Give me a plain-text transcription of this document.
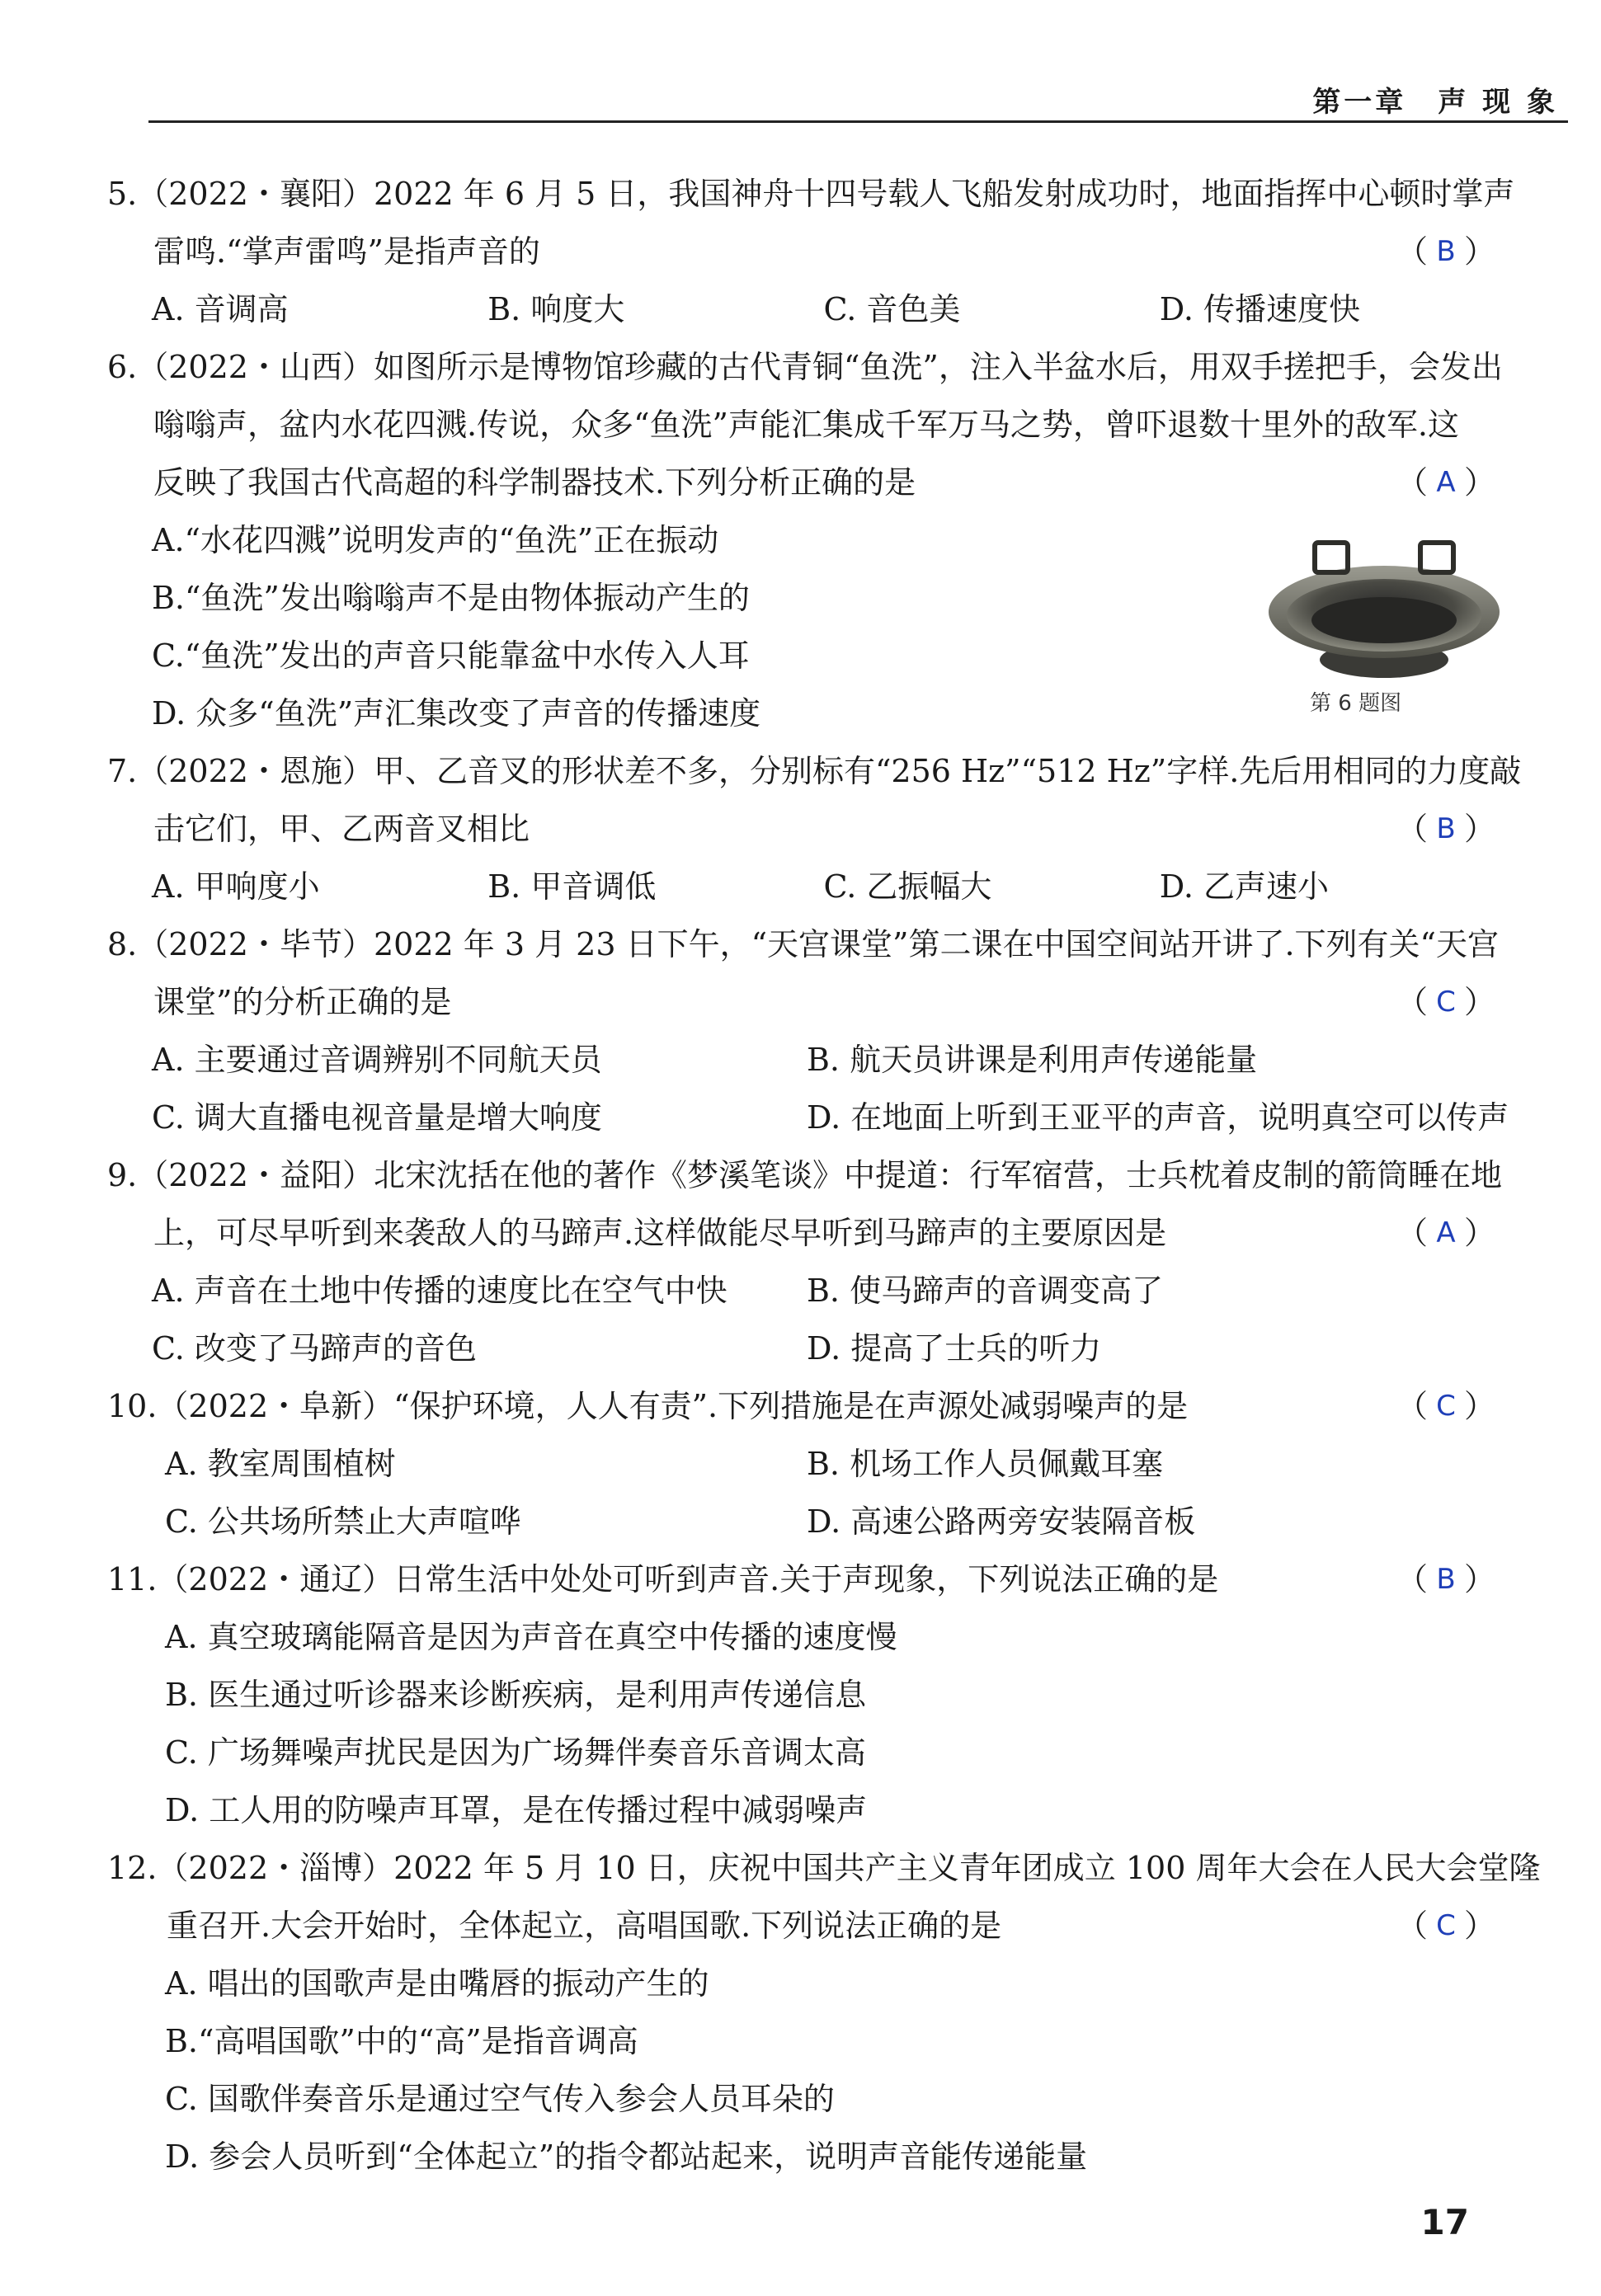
第一章　声 现 象
5.（2022・襄阳）2022 年 6 月 5 日，我国神舟十四号载人飞船发射成功时，地面指挥中心顿时掌声
雷鸣.“掌声雷鸣”是指声音的	（ B ）
A. 音调高	B. 响度大	C. 音色美	D. 传播速度快
6.（2022・山西）如图所示是博物馆珍藏的古代青铜“鱼洗”，注入半盆水后，用双手搓把手，会发出
嗡嗡声，盆内水花四溅.传说，众多“鱼洗”声能汇集成千军万马之势，曾吓退数十里外的敌军.这
反映了我国古代高超的科学制器技术.下列分析正确的是	（ A ）
A.“水花四溅”说明发声的“鱼洗”正在振动
B.“鱼洗”发出嗡嗡声不是由物体振动产生的
C.“鱼洗”发出的声音只能靠盆中水传入人耳
D. 众多“鱼洗”声汇集改变了声音的传播速度
7.（2022・恩施）甲、乙音叉的形状差不多，分别标有“256 Hz”“512 Hz”字样.先后用相同的力度敲
击它们，甲、乙两音叉相比	（ B ）
A. 甲响度小	B. 甲音调低	C. 乙振幅大	D. 乙声速小
8.（2022・毕节）2022 年 3 月 23 日下午，“天宫课堂”第二课在中国空间站开讲了.下列有关“天宫
课堂”的分析正确的是	（ C ）
A. 主要通过音调辨别不同航天员	B. 航天员讲课是利用声传递能量
C. 调大直播电视音量是增大响度	D. 在地面上听到王亚平的声音，说明真空可以传声
9.（2022・益阳）北宋沈括在他的著作《梦溪笔谈》中提道：行军宿营，士兵枕着皮制的箭筒睡在地
上，可尽早听到来袭敌人的马蹄声.这样做能尽早听到马蹄声的主要原因是	（ A ）
A. 声音在土地中传播的速度比在空气中快	B. 使马蹄声的音调变高了
C. 改变了马蹄声的音色	D. 提高了士兵的听力
10.（2022・阜新）“保护环境，人人有责”.下列措施是在声源处减弱噪声的是	（ C ）
A. 教室周围植树	B. 机场工作人员佩戴耳塞
C. 公共场所禁止大声喧哗	D. 高速公路两旁安装隔音板
11.（2022・通辽）日常生活中处处可听到声音.关于声现象，下列说法正确的是	（ B ）
A. 真空玻璃能隔音是因为声音在真空中传播的速度慢
B. 医生通过听诊器来诊断疾病，是利用声传递信息
C. 广场舞噪声扰民是因为广场舞伴奏音乐音调太高
D. 工人用的防噪声耳罩，是在传播过程中减弱噪声
12.（2022・淄博）2022 年 5 月 10 日，庆祝中国共产主义青年团成立 100 周年大会在人民大会堂隆
重召开.大会开始时，全体起立，高唱国歌.下列说法正确的是	（ C ）
A. 唱出的国歌声是由嘴唇的振动产生的
B.“高唱国歌”中的“高”是指音调高
C. 国歌伴奏音乐是通过空气传入参会人员耳朵的
D. 参会人员听到“全体起立”的指令都站起来，说明声音能传递能量
第 6 题图
17
